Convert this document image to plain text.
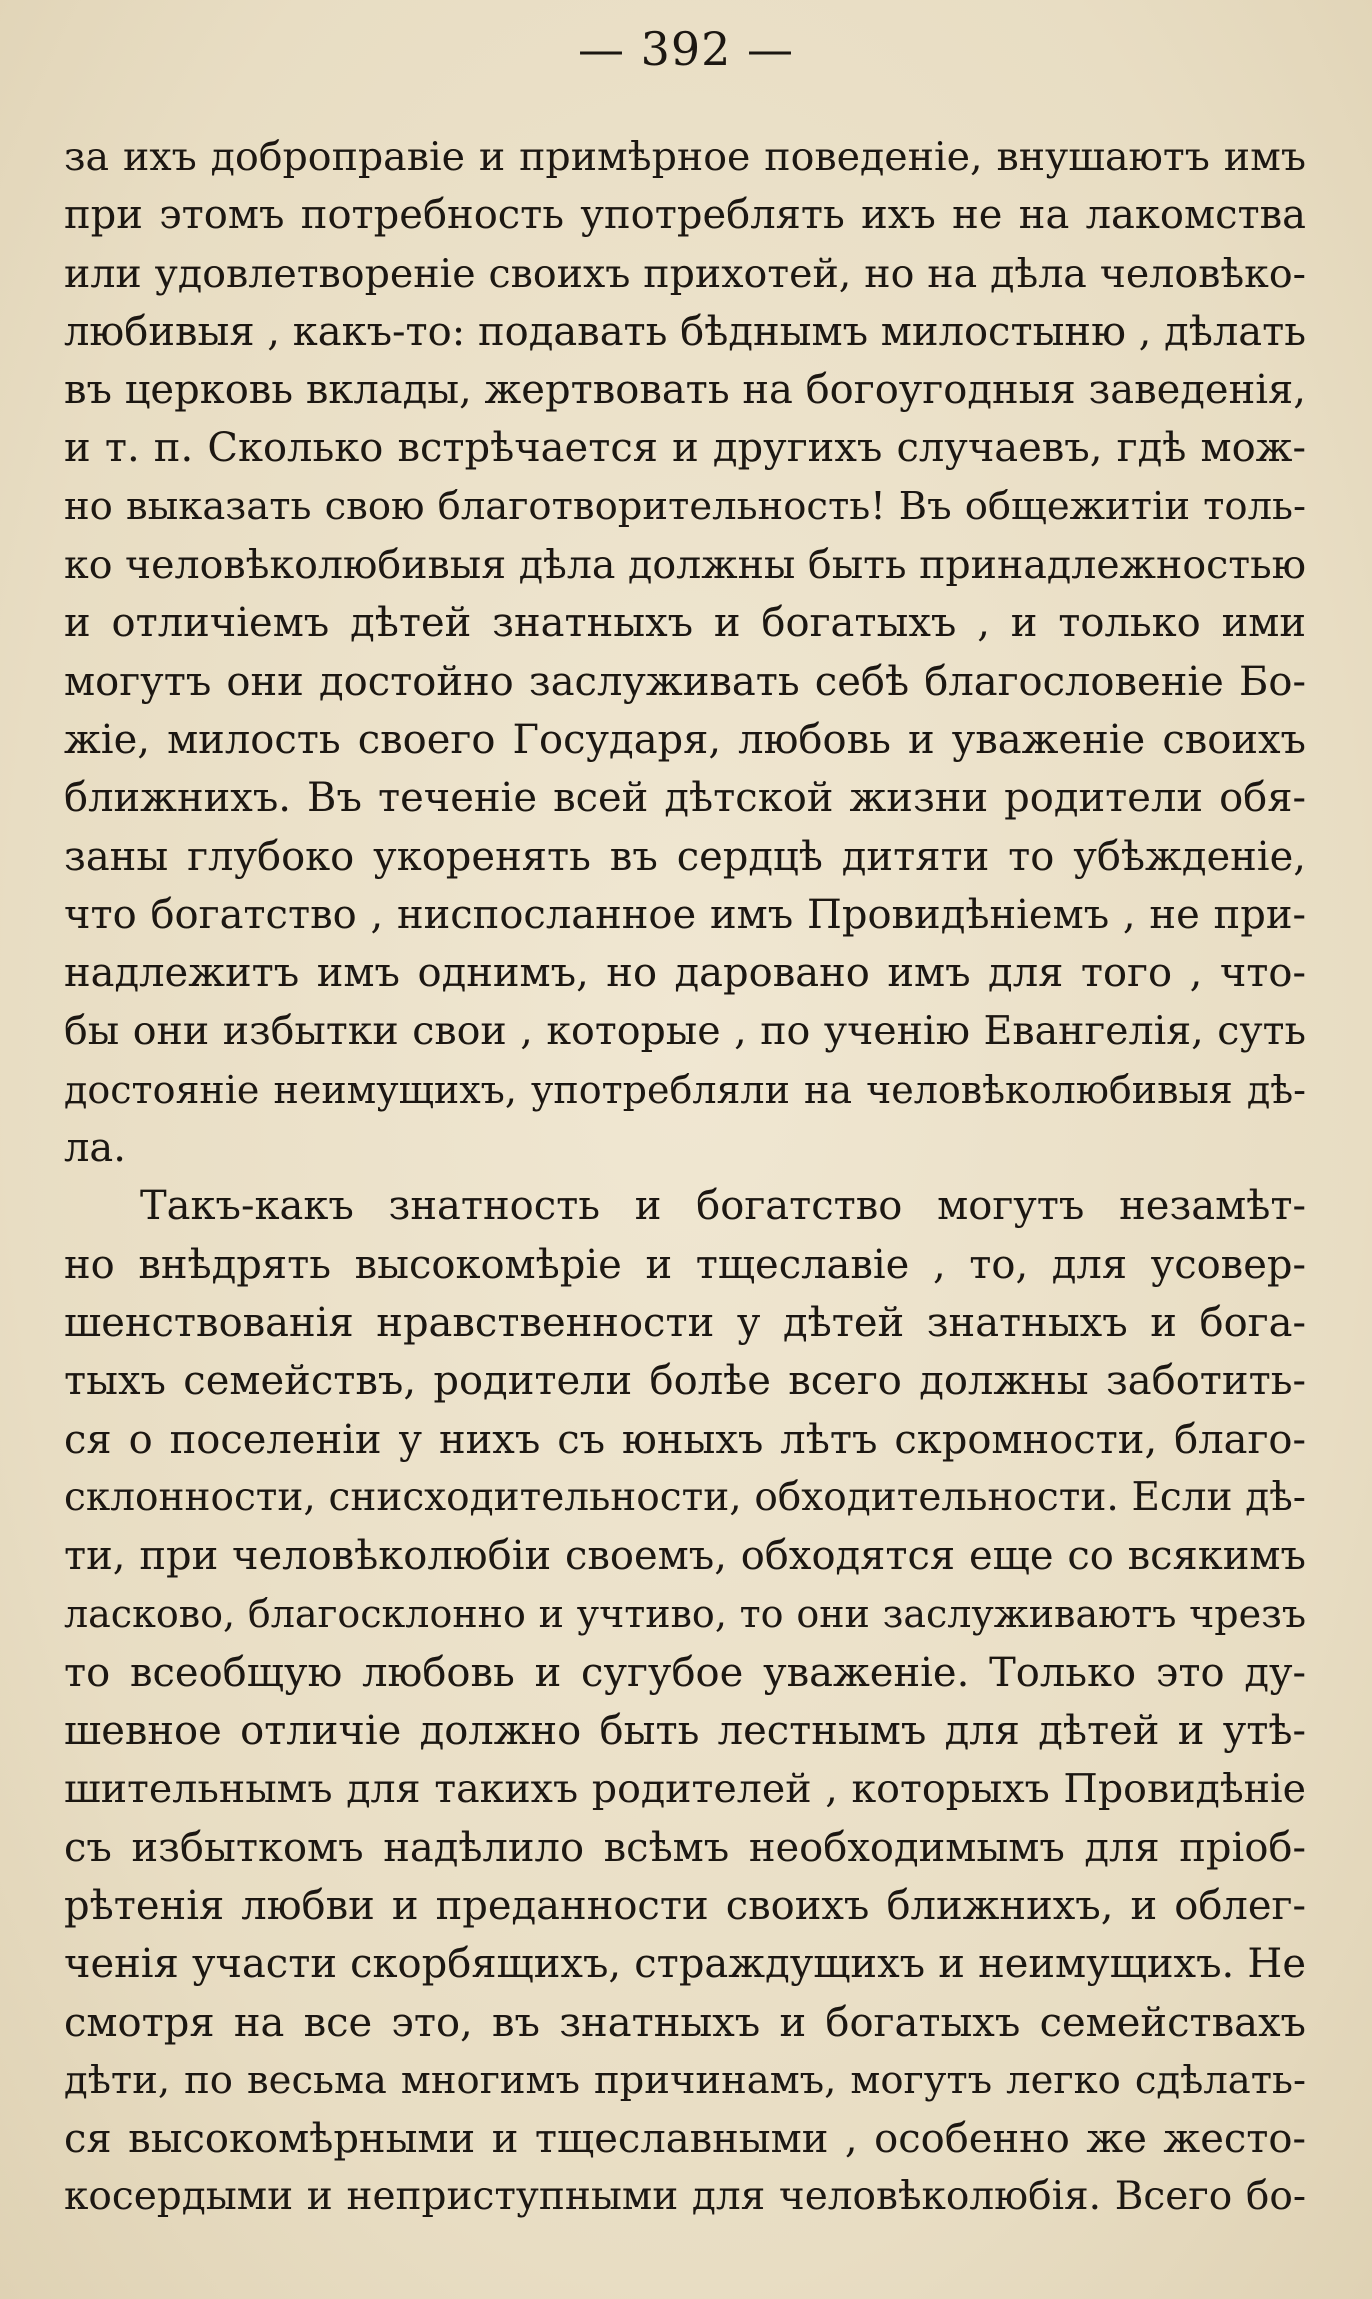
— 392 —
за ихъ доброправіе и примѣрное поведеніе, внушаютъ имъ
при этомъ потребность употреблять ихъ не на лакомства
или удовлетвореніе своихъ прихотей, но на дѣла человѣко-
любивыя , какъ-то: подавать бѣднымъ милостыню , дѣлать
въ церковь вклады, жертвовать на богоугодныя заведенія,
и т. п. Сколько встрѣчается и другихъ случаевъ, гдѣ мож-
но выказать свою благотворительность! Въ общежитіи толь-
ко человѣколюбивыя дѣла должны быть принадлежностью
и отличіемъ дѣтей знатныхъ и богатыхъ , и только ими
могутъ они достойно заслуживать себѣ благословеніе Бо-
жіе, милость своего Государя, любовь и уваженіе своихъ
ближнихъ. Въ теченіе всей дѣтской жизни родители обя-
заны глубоко укоренять въ сердцѣ дитяти то убѣжденіе,
что богатство , ниспосланное имъ Провидѣніемъ , не при-
надлежитъ имъ однимъ, но даровано имъ для того , что-
бы они избытки свои , которые , по ученію Евангелія, суть
достояніе неимущихъ, употребляли на человѣколюбивыя дѣ-
ла.
Такъ-какъ знатность и богатство могутъ незамѣт-
но внѣдрять высокомѣріе и тщеславіе , то, для усовер-
шенствованія нравственности у дѣтей знатныхъ и бога-
тыхъ семействъ, родители болѣе всего должны заботить-
ся о поселеніи у нихъ съ юныхъ лѣтъ скромности, благо-
склонности, снисходительности, обходительности. Если дѣ-
ти, при человѣколюбіи своемъ, обходятся еще со всякимъ
ласково, благосклонно и учтиво, то они заслуживаютъ чрезъ
то всеобщую любовь и сугубое уваженіе. Только это ду-
шевное отличіе должно быть лестнымъ для дѣтей и утѣ-
шительнымъ для такихъ родителей , которыхъ Провидѣніе
съ избыткомъ надѣлило всѣмъ необходимымъ для пріоб-
рѣтенія любви и преданности своихъ ближнихъ, и облег-
ченія участи скорбящихъ, страждущихъ и неимущихъ. Не
смотря на все это, въ знатныхъ и богатыхъ семействахъ
дѣти, по весьма многимъ причинамъ, могутъ легко сдѣлать-
ся высокомѣрными и тщеславными , особенно же жесто-
косердыми и неприступными для человѣколюбія. Всего бо-
